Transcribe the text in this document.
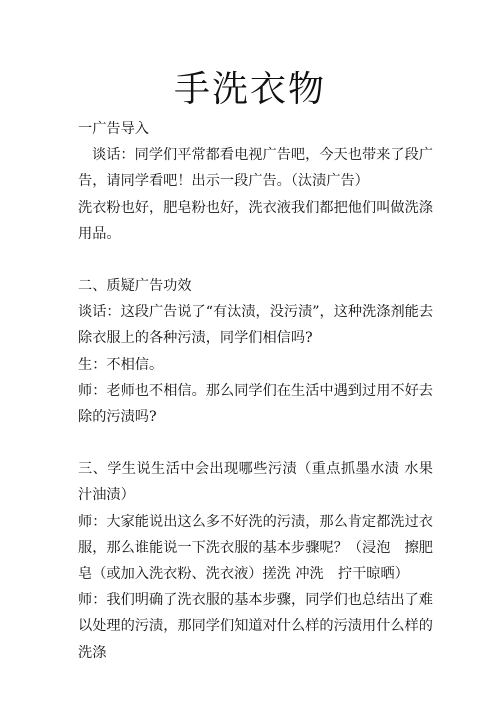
手洗衣物

一广告导入

谈话：同学们平常都看电视广告吧，今天也带来了段广告，请同学看吧！出示一段广告。（汰渍广告）

洗衣粉也好，肥皂粉也好，洗衣液我们都把他们叫做洗涤用品。

二、质疑广告功效

谈话：这段广告说了“有汰渍，没污渍”，这种洗涤剂能去除衣服上的各种污渍，同学们相信吗?

生：不相信。

师：老师也不相信。那么同学们在生活中遇到过用不好去除的污渍吗?

三、学生说生活中会出现哪些污渍（重点抓墨水渍 水果汁油渍）

师：大家能说出这么多不好洗的污渍，那么肯定都洗过衣服，那么谁能说一下洗衣服的基本步骤呢？（浸泡　擦肥皂（或加入洗衣粉、洗衣液）搓洗 冲洗　拧干晾晒）

师：我们明确了洗衣服的基本步骤，同学们也总结出了难以处理的污渍，那同学们知道对什么样的污渍用什么样的洗涤
